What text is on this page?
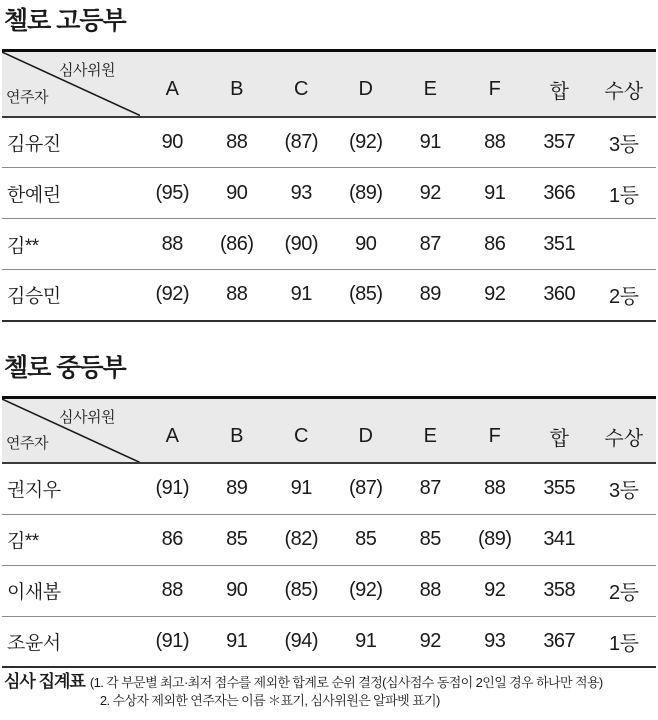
첼로 고등부
심사위원
연주자	A	B	C	D	E	F	합	수상
김유진	90	88	(87)	(92)	91	88	357	3등
한예린	(95)	90	93	(89)	92	91	366	1등
김**	88	(86)	(90)	90	87	86	351	
김승민	(92)	88	91	(85)	89	92	360	2등
첼로 중등부
심사위원
연주자	A	B	C	D	E	F	합	수상
권지우	(91)	89	91	(87)	87	88	355	3등
김**	86	85	(82)	85	85	(89)	341	
이새봄	88	90	(85)	(92)	88	92	358	2등
조윤서	(91)	91	(94)	91	92	93	367	1등
심사 집계표 (1. 각 부문별 최고·최저 점수를 제외한 합계로 순위 결정(심사점수 동점이 2인일 경우 하나만 적용)
2. 수상자 제외한 연주자는 이름 ＊표기, 심사위원은 알파벳 표기)
